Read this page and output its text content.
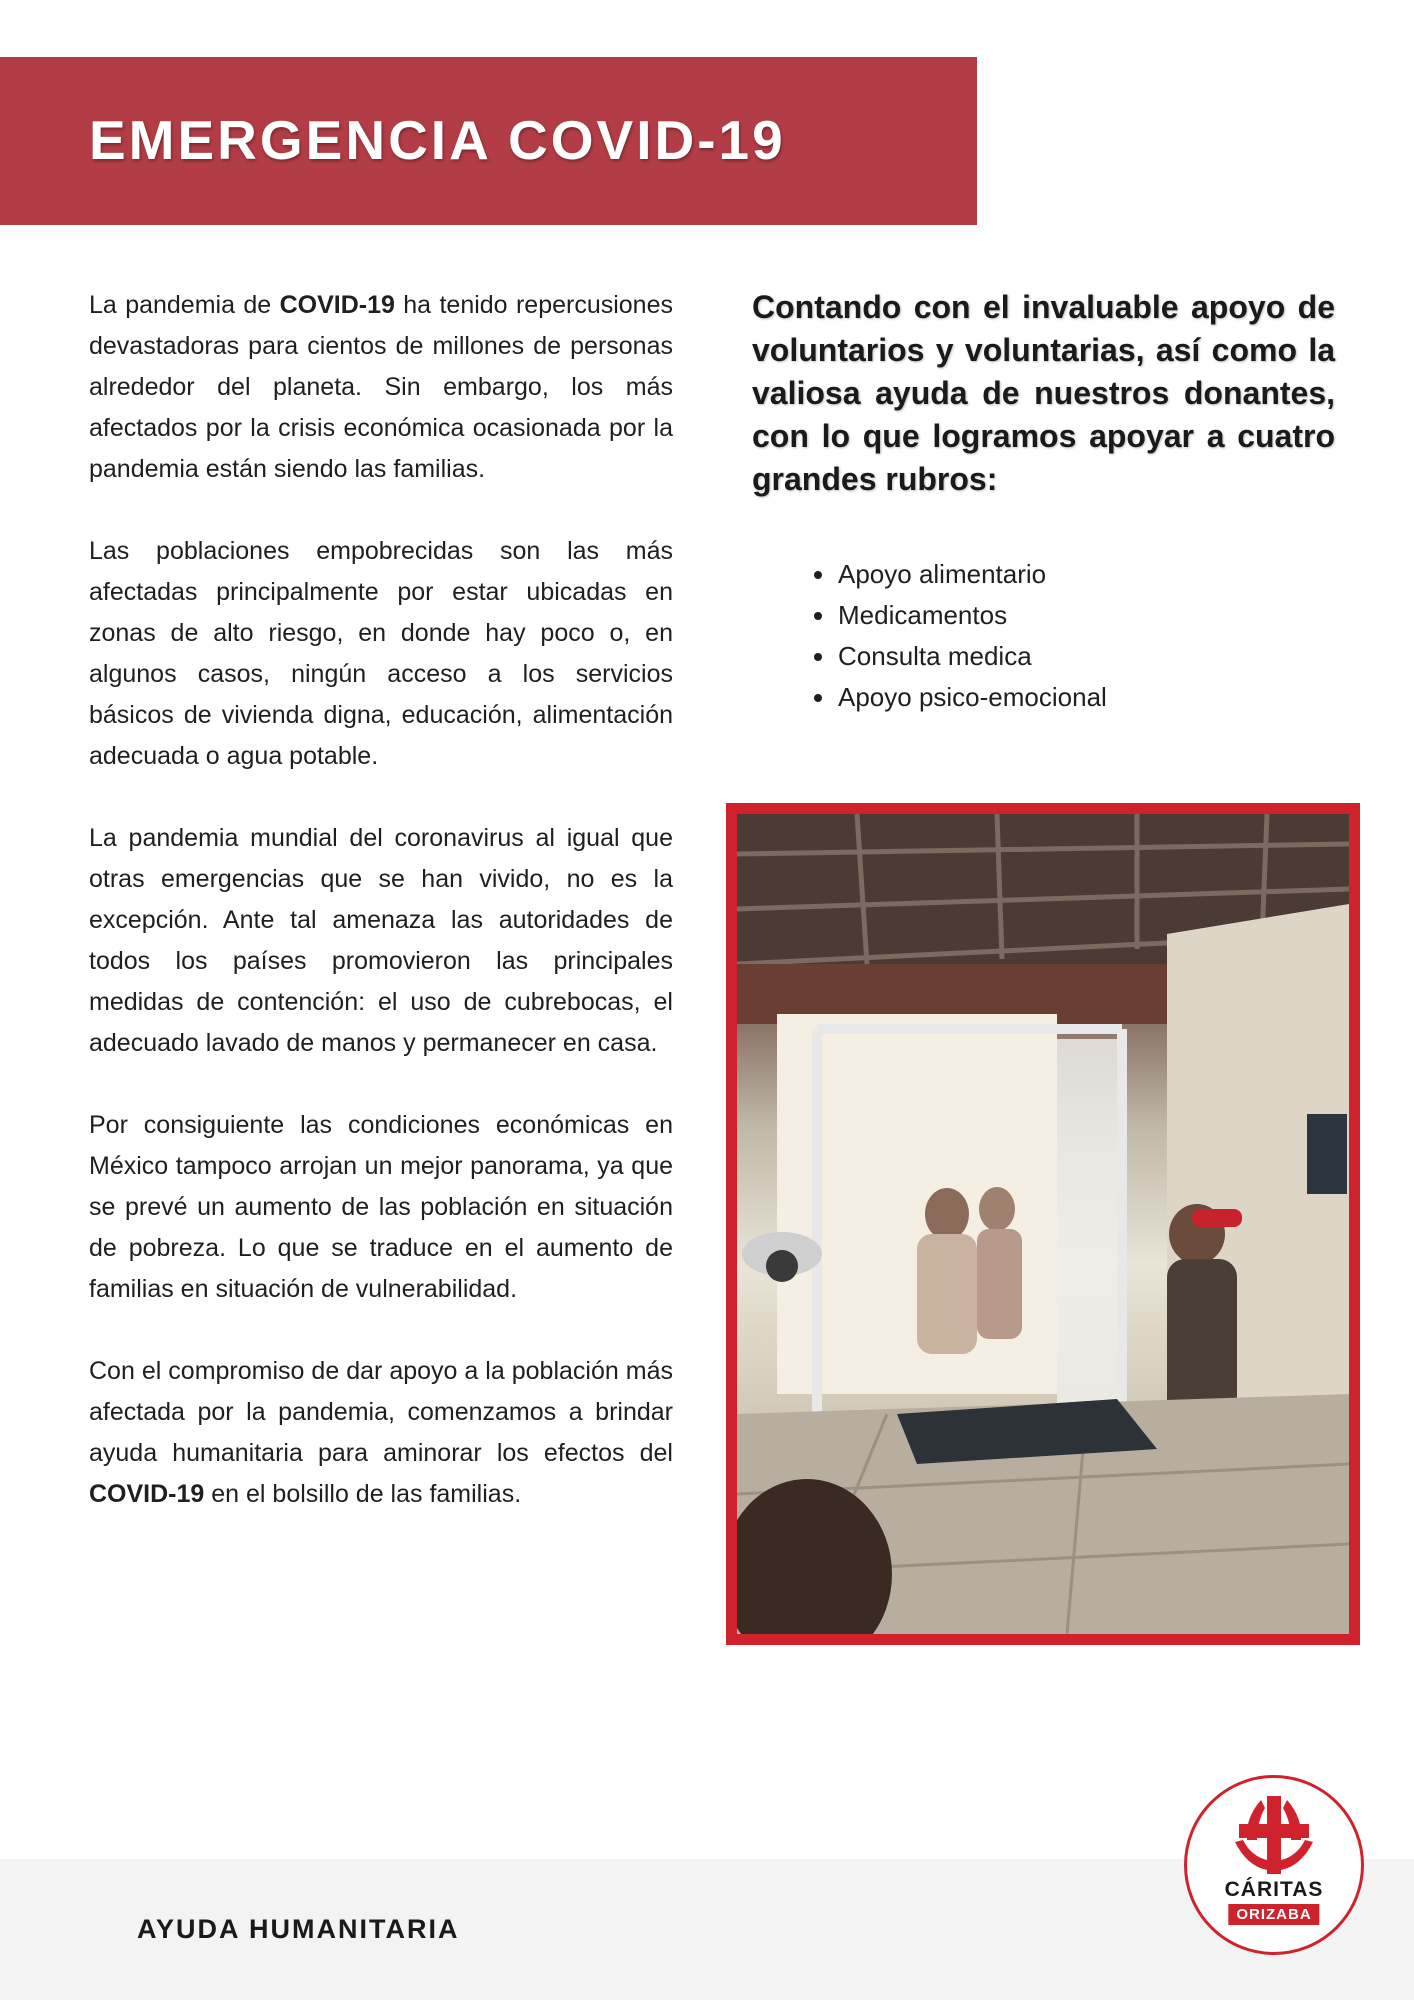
EMERGENCIA COVID-19

La pandemia de COVID-19 ha tenido repercusiones devastadoras para cientos de millones de personas alrededor del planeta. Sin embargo, los más afectados por la crisis económica ocasionada por la pandemia están siendo las familias.

Las poblaciones empobrecidas son las más afectadas principalmente por estar ubicadas en zonas de alto riesgo, en donde hay poco o, en algunos casos, ningún acceso a los servicios básicos de vivienda digna, educación, alimentación adecuada o agua potable.

La pandemia mundial del coronavirus al igual que otras emergencias que se han vivido, no es la excepción. Ante tal amenaza las autoridades de todos los países promovieron las principales medidas de contención: el uso de cubrebocas, el adecuado lavado de manos y permanecer en casa.

Por consiguiente las condiciones económicas en México tampoco arrojan un mejor panorama, ya que se prevé un aumento de las población en situación de pobreza. Lo que se traduce en el aumento de familias en situación de vulnerabilidad.

Con el compromiso de dar apoyo a la población más afectada por la pandemia, comenzamos a brindar ayuda humanitaria para aminorar los efectos del COVID-19 en el bolsillo de las familias.

Contando con el invaluable apoyo de voluntarios y voluntarias, así como la valiosa ayuda de nuestros donantes, con lo que logramos apoyar a cuatro grandes rubros:
Apoyo alimentario
Medicamentos
Consulta medica
Apoyo psico-emocional
AYUDA HUMANITARIA
CÁRITAS
ORIZABA
